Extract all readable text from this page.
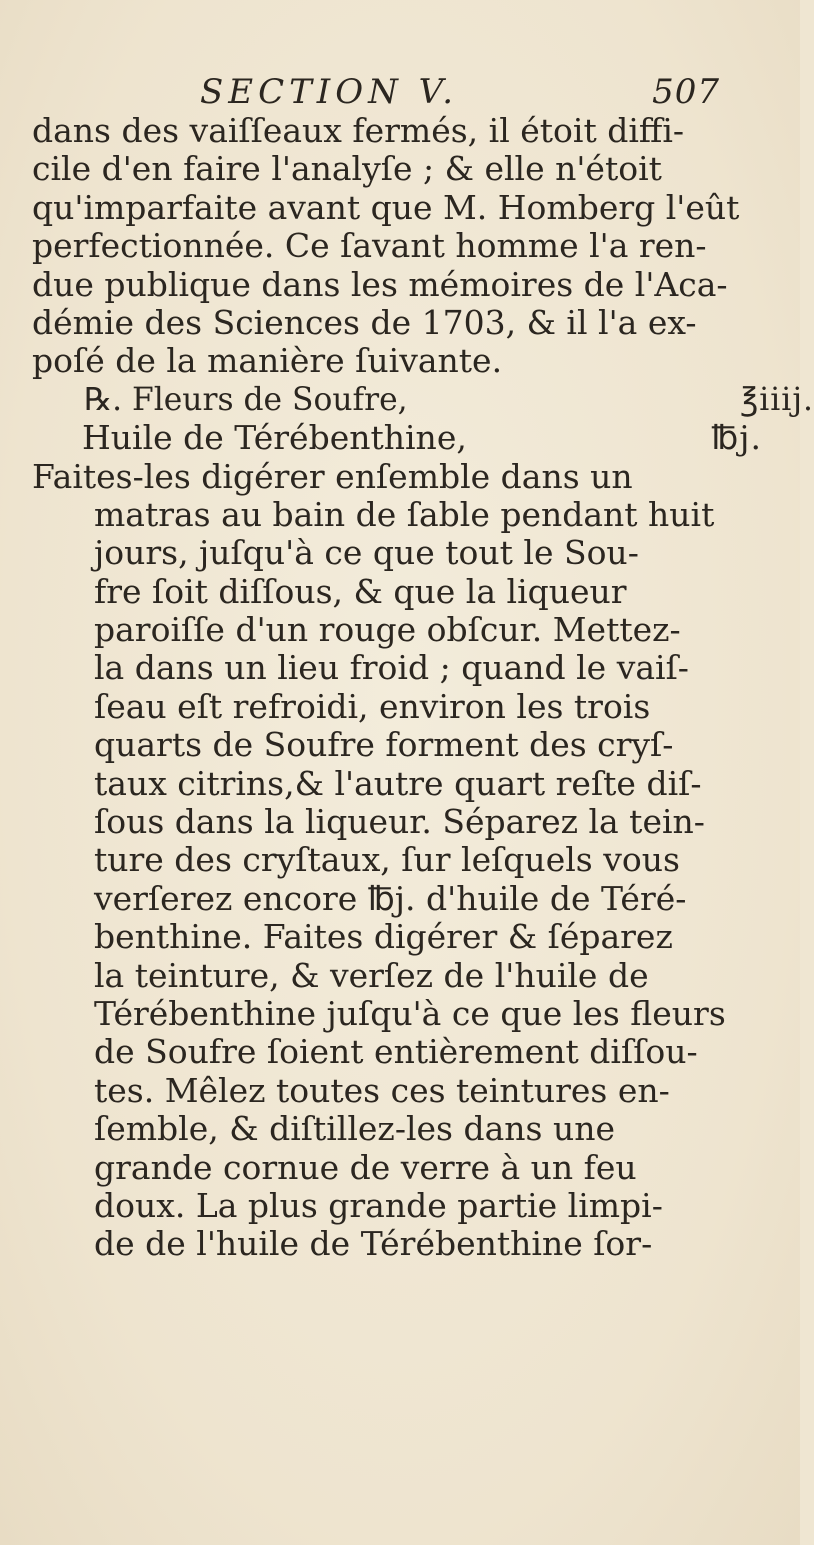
SECTION V.	507
dans des vaiſſeaux fermés, il étoit diffi-
cile d'en faire l'analyſe ; & elle n'étoit
qu'imparfaite avant que M. Homberg l'eût
perfectionnée. Ce ſavant homme l'a ren-
due publique dans les mémoires de l'Aca-
démie des Sciences de 1703, & il l'a ex-
poſé de la manière ſuivante.
℞. Fleurs de Soufre,	℥iiij.
Huile de Térébenthine,	℔j.
Faites-les digérer enſemble dans un
matras au bain de ſable pendant huit
jours, juſqu'à ce que tout le Sou-
fre ſoit diſſous, & que la liqueur
paroiſſe d'un rouge obſcur. Mettez-
la dans un lieu froid ; quand le vaiſ-
ſeau eſt refroidi, environ les trois
quarts de Soufre forment des cryſ-
taux citrins,& l'autre quart reſte diſ-
ſous dans la liqueur. Séparez la tein-
ture des cryſtaux, ſur leſquels vous
verſerez encore ℔j. d'huile de Téré-
benthine. Faites digérer & ſéparez
la teinture, & verſez de l'huile de
Térébenthine juſqu'à ce que les fleurs
de Soufre ſoient entièrement diſſou-
tes. Mêlez toutes ces teintures en-
ſemble, & diſtillez-les dans une
grande cornue de verre à un feu
doux. La plus grande partie limpi-
de de l'huile de Térébenthine ſor-
